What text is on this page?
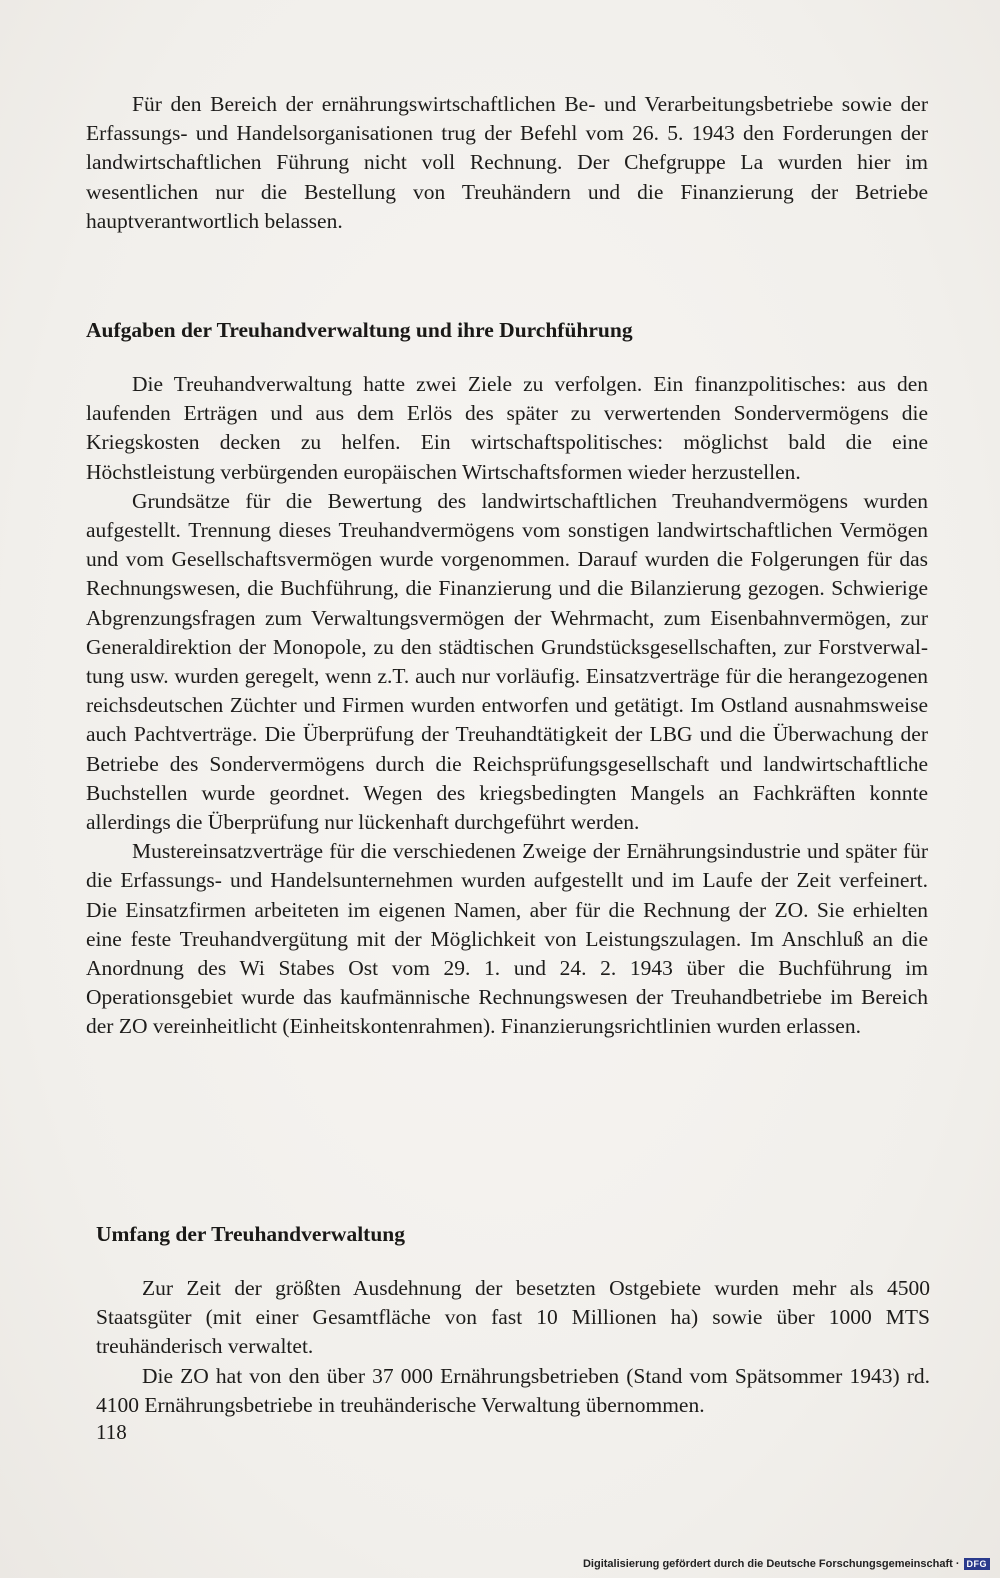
Für den Bereich der ernährungswirtschaftlichen Be- und Verarbeitungsbetriebe sowie der Erfassungs- und Handelsorganisationen trug der Befehl vom 26. 5. 1943 den Forderungen der landwirtschaftlichen Führung nicht voll Rechnung. Der Chefgruppe La wurden hier im wesentlichen nur die Bestellung von Treuhändern und die Finanzierung der Betriebe hauptverantwortlich belassen.

Aufgaben der Treuhandverwaltung und ihre Durchführung

Die Treuhandverwaltung hatte zwei Ziele zu verfolgen. Ein finanzpolitisches: aus den laufenden Erträgen und aus dem Erlös des später zu verwertenden Sondervermögens die Kriegskosten decken zu helfen. Ein wirtschaftspolitisches: möglichst bald die eine Höchstleistung verbürgenden europäischen Wirtschaftsformen wieder herzustellen.

Grundsätze für die Bewertung des landwirtschaftlichen Treuhandvermögens wurden aufgestellt. Trennung dieses Treuhandvermögens vom sonstigen landwirtschaftlichen Vermögen und vom Gesellschaftsvermögen wurde vorgenommen. Darauf wurden die Folgerungen für das Rechnungswesen, die Buchführung, die Finanzierung und die Bilanzierung gezogen. Schwierige Abgrenzungsfragen zum Verwaltungsvermögen der Wehrmacht, zum Eisenbahnvermögen, zur Generaldirektion der Monopole, zu den städtischen Grundstücksgesellschaften, zur Forstverwaltung usw. wurden geregelt, wenn z.T. auch nur vorläufig. Einsatzverträge für die herangezogenen reichsdeutschen Züchter und Firmen wurden entworfen und getätigt. Im Ostland ausnahmsweise auch Pachtverträge. Die Überprüfung der Treuhandtätigkeit der LBG und die Überwachung der Betriebe des Sondervermögens durch die Reichsprüfungsgesellschaft und landwirtschaftliche Buchstellen wurde geordnet. Wegen des kriegsbedingten Mangels an Fachkräften konnte allerdings die Überprüfung nur lückenhaft durchgeführt werden.

Mustereinsatzverträge für die verschiedenen Zweige der Ernährungsindustrie und später für die Erfassungs- und Handelsunternehmen wurden aufgestellt und im Laufe der Zeit verfeinert. Die Einsatzfirmen arbeiteten im eigenen Namen, aber für die Rechnung der ZO. Sie erhielten eine feste Treuhandvergütung mit der Möglichkeit von Leistungszulagen. Im Anschluß an die Anordnung des Wi Stabes Ost vom 29. 1. und 24. 2. 1943 über die Buchführung im Operationsgebiet wurde das kaufmännische Rechnungswesen der Treuhandbetriebe im Bereich der ZO vereinheitlicht (Einheitskontenrahmen). Finanzierungsrichtlinien wurden erlassen.

Umfang der Treuhandverwaltung

Zur Zeit der größten Ausdehnung der besetzten Ostgebiete wurden mehr als 4500 Staatsgüter (mit einer Gesamtfläche von fast 10 Millionen ha) sowie über 1000 MTS treuhänderisch verwaltet.

Die ZO hat von den über 37 000 Ernährungsbetrieben (Stand vom Spätsommer 1943) rd. 4100 Ernährungsbetriebe in treuhänderische Verwaltung übernommen.

118
Digitalisierung gefördert durch die Deutsche Forschungsgemeinschaft · DFG
